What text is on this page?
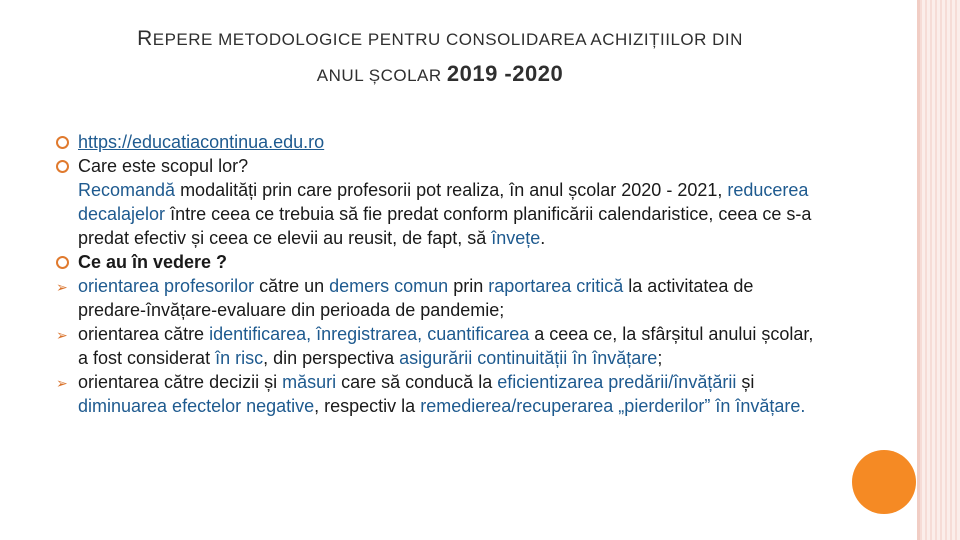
REPERE METODOLOGICE PENTRU CONSOLIDAREA ACHIZIȚIILOR DIN
ANUL ȘCOLAR 2019 -2020
https://educatiacontinua.edu.ro
Care este scopul lor?
Recomandă modalități prin care profesorii pot realiza, în anul școlar 2020 - 2021, reducerea decalajelor între ceea ce trebuia să fie predat conform planificării calendaristice, ceea ce s-a predat efectiv și ceea ce elevii au reusit, de fapt, să învețe.
Ce au în vedere ?
➢ orientarea profesorilor către un demers comun prin raportarea critică la activitatea de predare-învățare-evaluare din perioada de pandemie;
➢ orientarea către identificarea, înregistrarea, cuantificarea a ceea ce, la sfârșitul anului școlar, a fost considerat în risc, din perspectiva asigurării continuității în învățare;
➢ orientarea către decizii și măsuri care să conducă la eficientizarea predării/învățării și diminuarea efectelor negative, respectiv la remedierea/recuperarea „pierderilor” în învățare.
